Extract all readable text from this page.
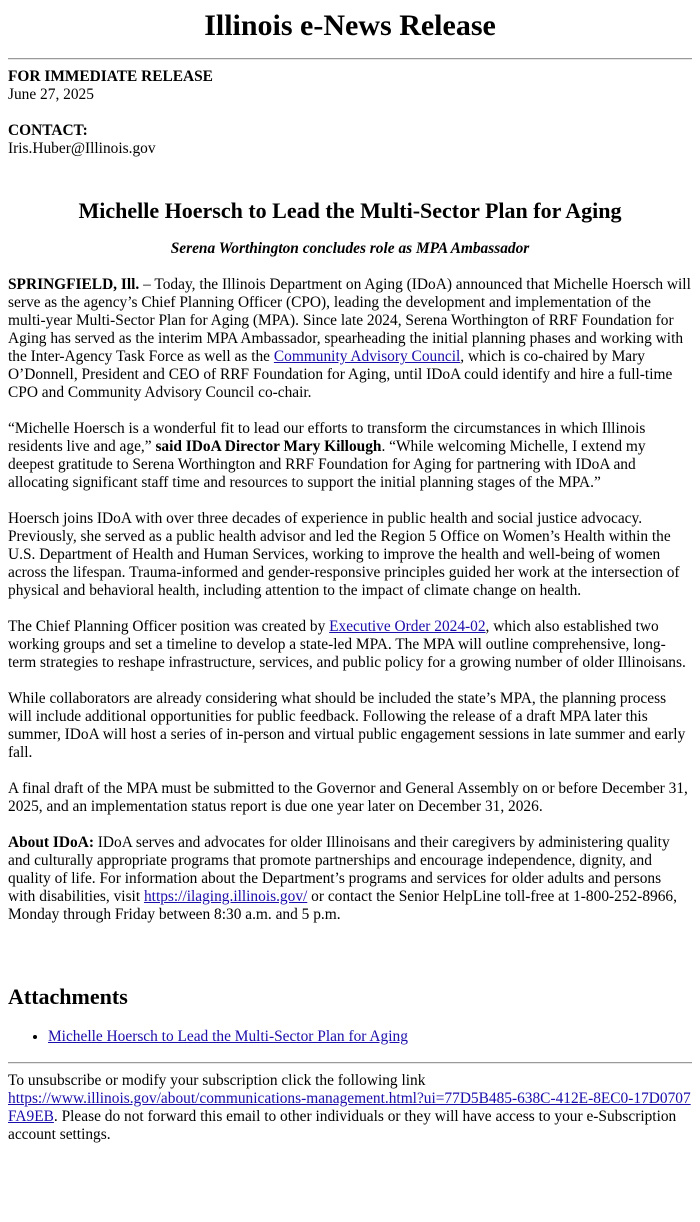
Illinois e-News Release
FOR IMMEDIATE RELEASE
June 27, 2025
CONTACT:
Iris.Huber@Illinois.gov
Michelle Hoersch to Lead the Multi-Sector Plan for Aging
Serena Worthington concludes role as MPA Ambassador

SPRINGFIELD, Ill. – Today, the Illinois Department on Aging (IDoA) announced that Michelle Hoersch will serve as the agency’s Chief Planning Officer (CPO), leading the development and implementation of the multi-year Multi-Sector Plan for Aging (MPA). Since late 2024, Serena Worthington of RRF Foundation for Aging has served as the interim MPA Ambassador, spearheading the initial planning phases and working with the Inter-Agency Task Force as well as the Community Advisory Council, which is co-chaired by Mary O’Donnell, President and CEO of RRF Foundation for Aging, until IDoA could identify and hire a full-time CPO and Community Advisory Council co-chair.

“Michelle Hoersch is a wonderful fit to lead our efforts to transform the circumstances in which Illinois residents live and age,” said IDoA Director Mary Killough. “While welcoming Michelle, I extend my deepest gratitude to Serena Worthington and RRF Foundation for Aging for partnering with IDoA and allocating significant staff time and resources to support the initial planning stages of the MPA.”

Hoersch joins IDoA with over three decades of experience in public health and social justice advocacy. Previously, she served as a public health advisor and led the Region 5 Office on Women’s Health within the U.S. Department of Health and Human Services, working to improve the health and well-being of women across the lifespan. Trauma-informed and gender-responsive principles guided her work at the intersection of physical and behavioral health, including attention to the impact of climate change on health.

The Chief Planning Officer position was created by Executive Order 2024-02, which also established two working groups and set a timeline to develop a state-led MPA. The MPA will outline comprehensive, long-term strategies to reshape infrastructure, services, and public policy for a growing number of older Illinoisans.

While collaborators are already considering what should be included the state’s MPA, the planning process will include additional opportunities for public feedback. Following the release of a draft MPA later this summer, IDoA will host a series of in-person and virtual public engagement sessions in late summer and early fall.

A final draft of the MPA must be submitted to the Governor and General Assembly on or before December 31, 2025, and an implementation status report is due one year later on December 31, 2026.

About IDoA: IDoA serves and advocates for older Illinoisans and their caregivers by administering quality and culturally appropriate programs that promote partnerships and encourage independence, dignity, and quality of life. For information about the Department’s programs and services for older adults and persons with disabilities, visit https://ilaging.illinois.gov/ or contact the Senior HelpLine toll-free at 1-800-252-8966, Monday through Friday between 8:30 a.m. and 5 p.m.

Attachments
• Michelle Hoersch to Lead the Multi-Sector Plan for Aging
To unsubscribe or modify your subscription click the following link
https://www.illinois.gov/about/communications-management.html?ui=77D5B485-638C-412E-8EC0-17D0707FA9EB. Please do not forward this email to other individuals or they will have access to your e-Subscription account settings.
